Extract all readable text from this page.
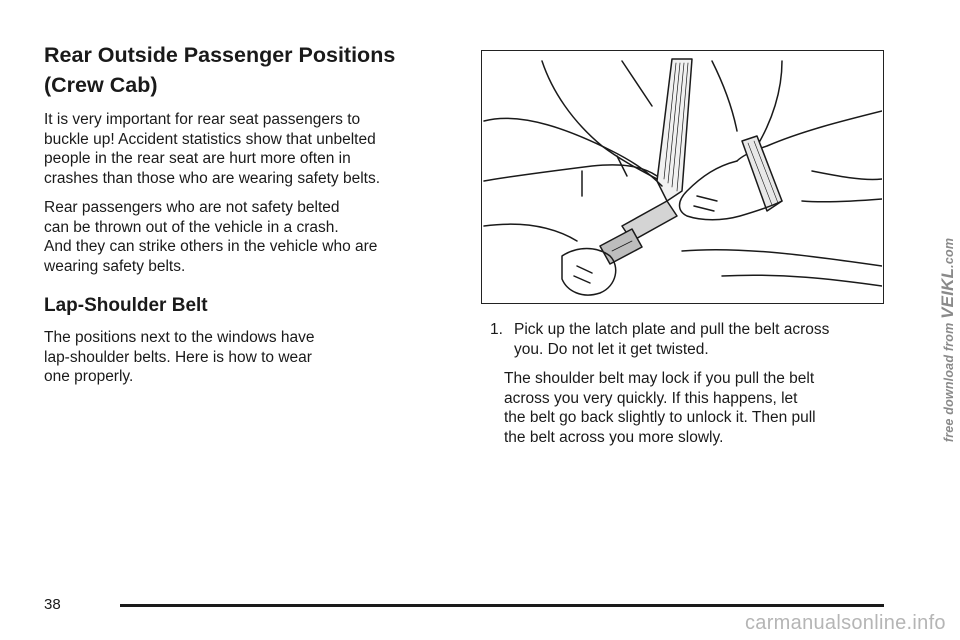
Rear Outside Passenger Positions
(Crew Cab)

It is very important for rear seat passengers to
buckle up! Accident statistics show that unbelted
people in the rear seat are hurt more often in
crashes than those who are wearing safety belts.

Rear passengers who are not safety belted
can be thrown out of the vehicle in a crash.
And they can strike others in the vehicle who are
wearing safety belts.

Lap-Shoulder Belt

The positions next to the windows have
lap-shoulder belts. Here is how to wear
one properly.

1. Pick up the latch plate and pull the belt across
you. Do not let it get twisted.

The shoulder belt may lock if you pull the belt
across you very quickly. If this happens, let
the belt go back slightly to unlock it. Then pull
the belt across you more slowly.

38
free download from VEIKL.com
carmanualsonline.info
